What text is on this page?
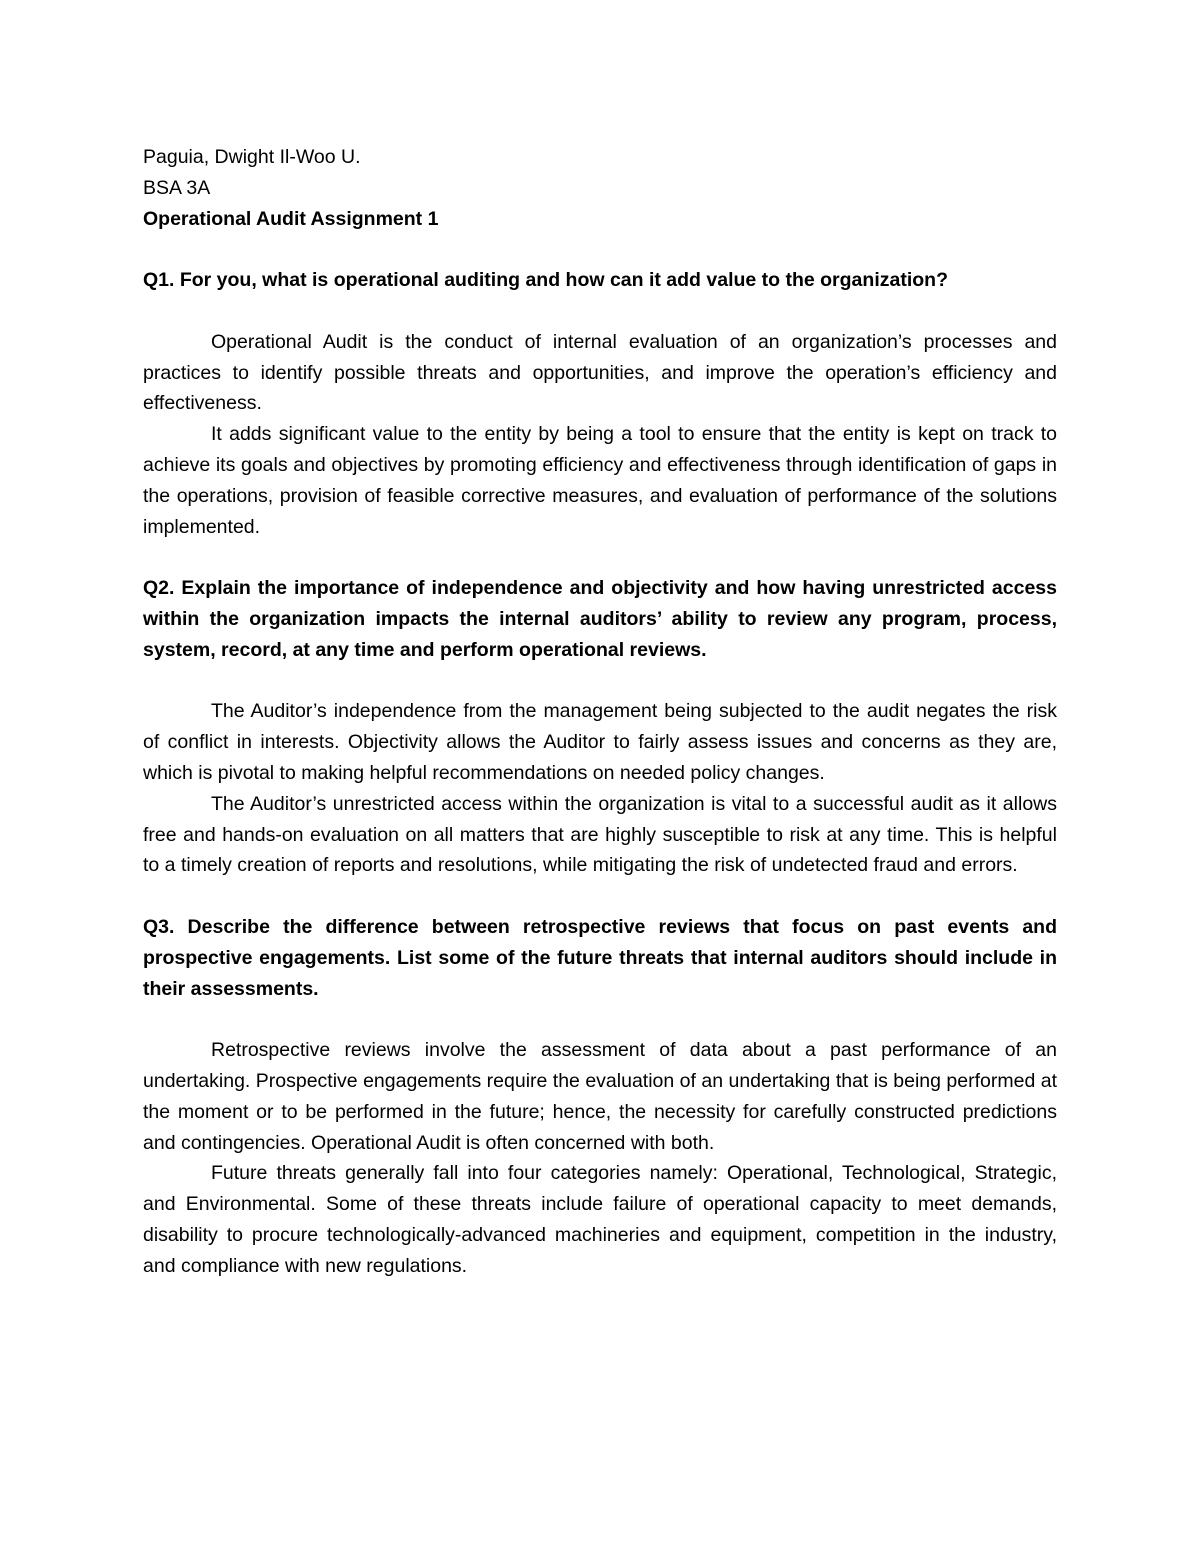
Paguia, Dwight Il-Woo U.

BSA 3A

Operational Audit Assignment 1

Q1. For you, what is operational auditing and how can it add value to the organization?

Operational Audit is the conduct of internal evaluation of an organization’s processes and practices to identify possible threats and opportunities, and improve the operation’s efficiency and effectiveness.

It adds significant value to the entity by being a tool to ensure that the entity is kept on track to achieve its goals and objectives by promoting efficiency and effectiveness through identification of gaps in the operations, provision of feasible corrective measures, and evaluation of performance of the solutions implemented.

Q2. Explain the importance of independence and objectivity and how having unrestricted access within the organization impacts the internal auditors’ ability to review any program, process, system, record, at any time and perform operational reviews.

The Auditor’s independence from the management being subjected to the audit negates the risk of conflict in interests. Objectivity allows the Auditor to fairly assess issues and concerns as they are, which is pivotal to making helpful recommendations on needed policy changes.

The Auditor’s unrestricted access within the organization is vital to a successful audit as it allows free and hands-on evaluation on all matters that are highly susceptible to risk at any time. This is helpful to a timely creation of reports and resolutions, while mitigating the risk of undetected fraud and errors.

Q3. Describe the difference between retrospective reviews that focus on past events and prospective engagements. List some of the future threats that internal auditors should include in their assessments.

Retrospective reviews involve the assessment of data about a past performance of an undertaking. Prospective engagements require the evaluation of an undertaking that is being performed at the moment or to be performed in the future; hence, the necessity for carefully constructed predictions and contingencies. Operational Audit is often concerned with both.

Future threats generally fall into four categories namely: Operational, Technological, Strategic, and Environmental. Some of these threats include failure of operational capacity to meet demands, disability to procure technologically-advanced machineries and equipment, competition in the industry, and compliance with new regulations.
